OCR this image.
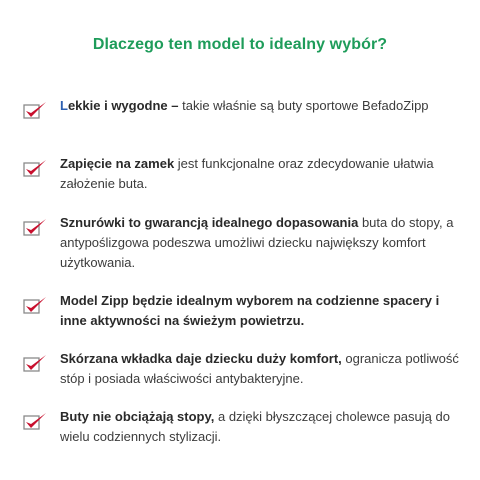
Dlaczego ten model to idealny wybór?
Lekkie i wygodne – takie właśnie są buty sportowe BefadoZipp
Zapięcie na zamek jest funkcjonalne oraz zdecydowanie ułatwia założenie buta.
Sznurówki to gwarancją idealnego dopasowania buta do stopy, a antypoślizgowa podeszwa umożliwi dziecku największy komfort użytkowania.
Model Zipp będzie idealnym wyborem na codzienne spacery i inne aktywności na świeżym powietrzu.
Skórzana wkładka daje dziecku duży komfort, ogranicza potliwość stóp i posiada właściwości antybakteryjne.
Buty nie obciążają stopy, a dzięki błyszczącej cholewce pasują do wielu codziennych stylizacji.
